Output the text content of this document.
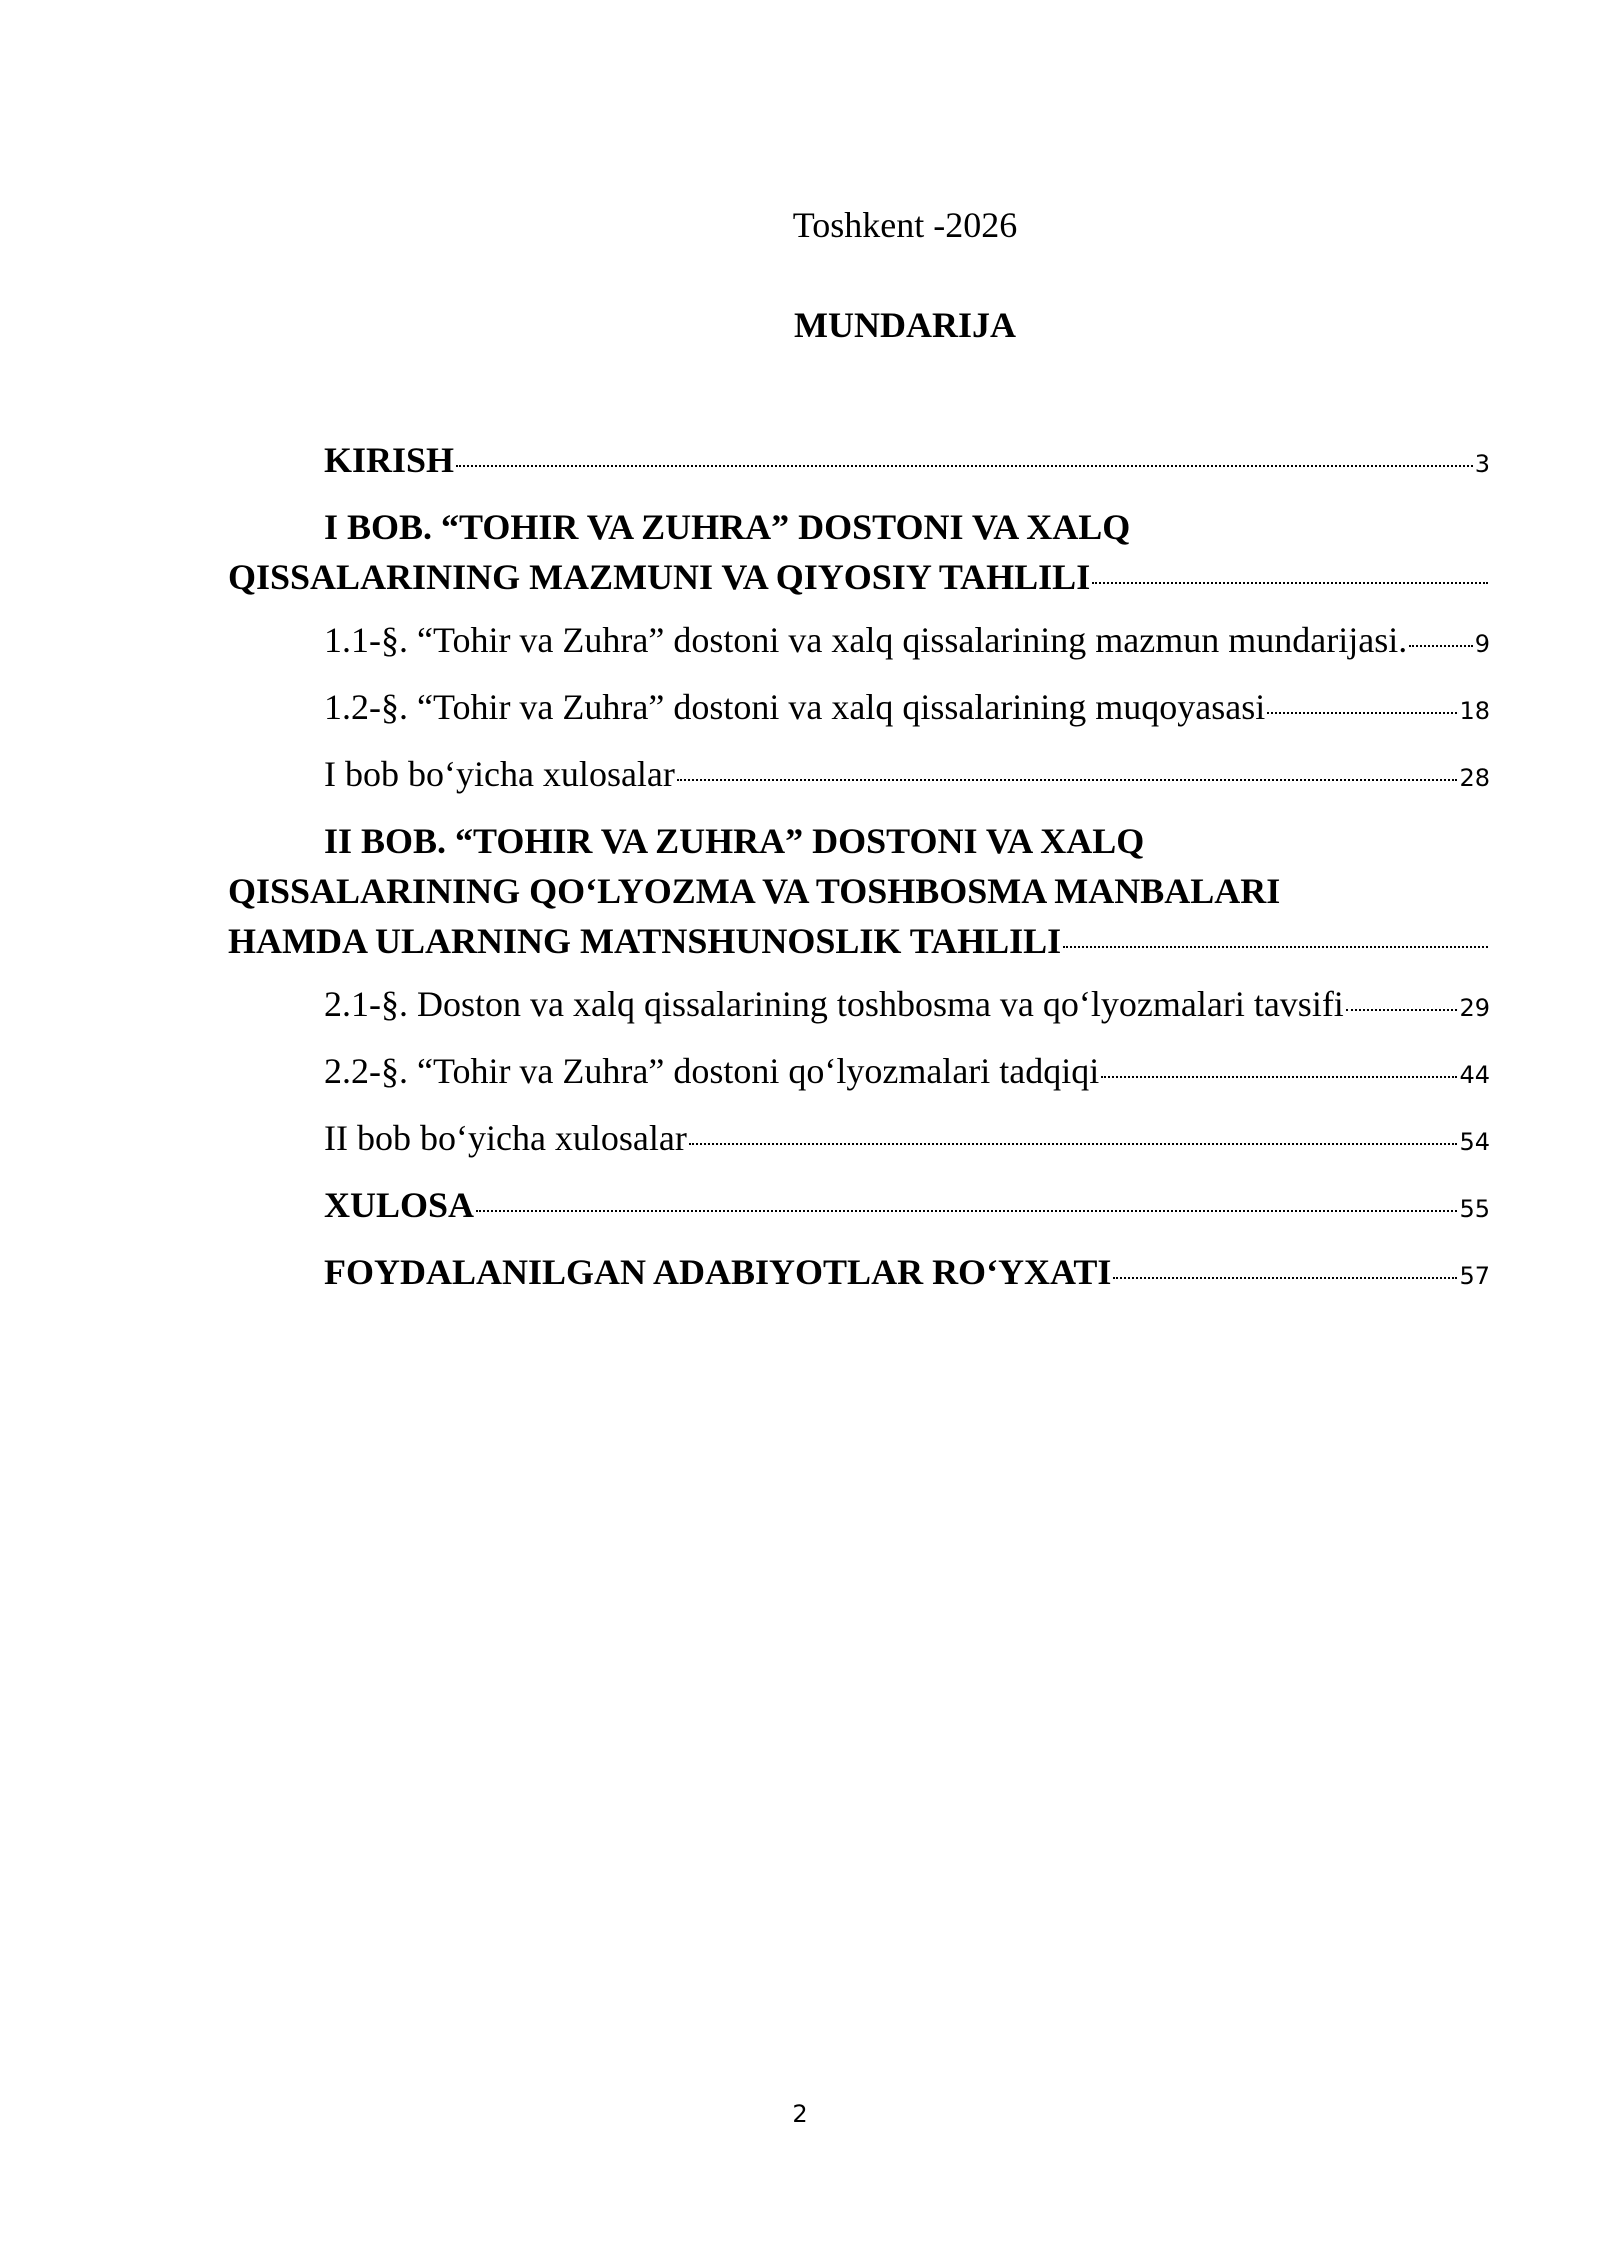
Toshkent -2026
MUNDARIJA
KIRISH	3
I BOB. “TOHIR VA ZUHRA” DOSTONI VA XALQ
QISSALARINING MAZMUNI VA QIYOSIY TAHLILI
1.1-§. “Tohir va Zuhra” dostoni va xalq qissalarining mazmun mundarijasi.	9
1.2-§. “Tohir va Zuhra” dostoni va xalq qissalarining muqoyasasi	18
I bob bo‘yicha xulosalar	28
II BOB. “TOHIR VA ZUHRA” DOSTONI VA XALQ
QISSALARINING QO‘LYOZMA VA TOSHBOSMA MANBALARI
HAMDA ULARNING MATNSHUNOSLIK TAHLILI
2.1-§. Doston va xalq qissalarining toshbosma va qo‘lyozmalari tavsifi	29
2.2-§. “Tohir va Zuhra” dostoni qo‘lyozmalari tadqiqi	44
II bob bo‘yicha xulosalar	54
XULOSA	55
FOYDALANILGAN ADABIYOTLAR RO‘YXATI	57
2
